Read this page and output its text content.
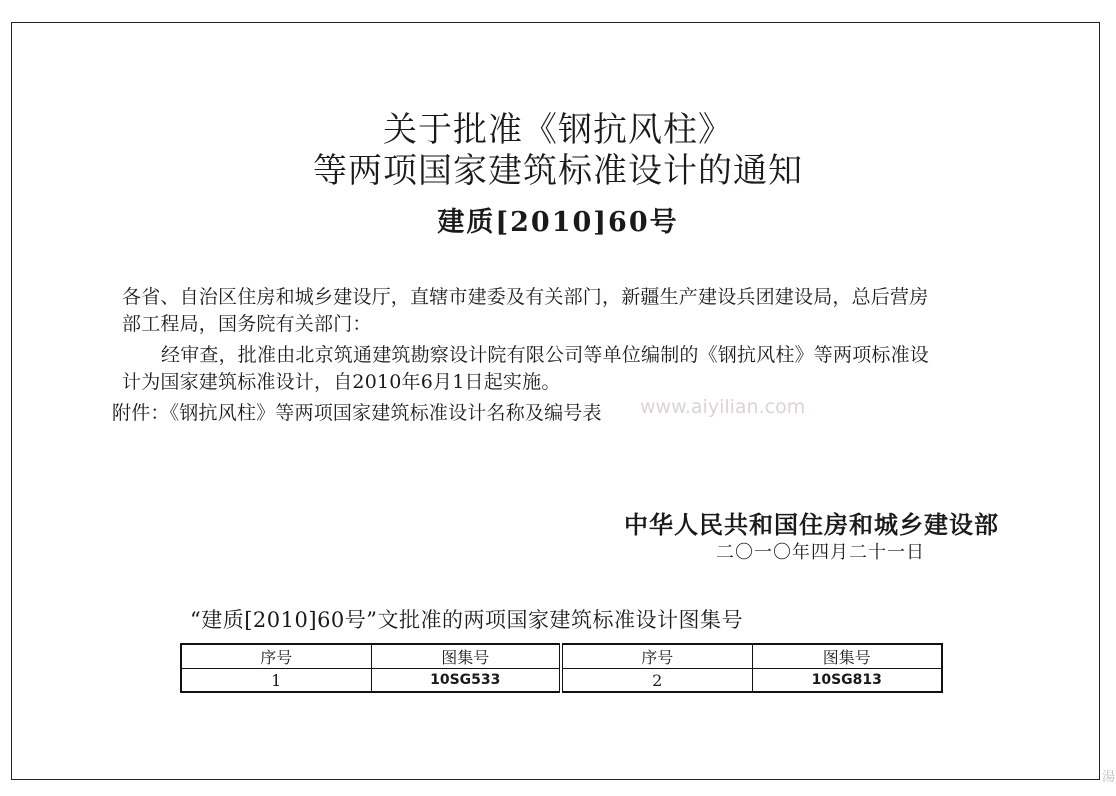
关于批准《钢抗风柱》
等两项国家建筑标准设计的通知
建质[2010]60号
各省、自治区住房和城乡建设厅，直辖市建委及有关部门，新疆生产建设兵团建设局，总后营房
部工程局，国务院有关部门：
经审查，批准由北京筑通建筑勘察设计院有限公司等单位编制的《钢抗风柱》等两项标准设
计为国家建筑标准设计，自2010年6月1日起实施。
附件：《钢抗风柱》等两项国家建筑标准设计名称及编号表 www.aiyilian.com
中华人民共和国住房和城乡建设部
二〇一〇年四月二十一日
“建质[2010]60号”文批准的两项国家建筑标准设计图集号
序号	图集号	序号	图集号
1	10SG533	2	10SG813
湯
